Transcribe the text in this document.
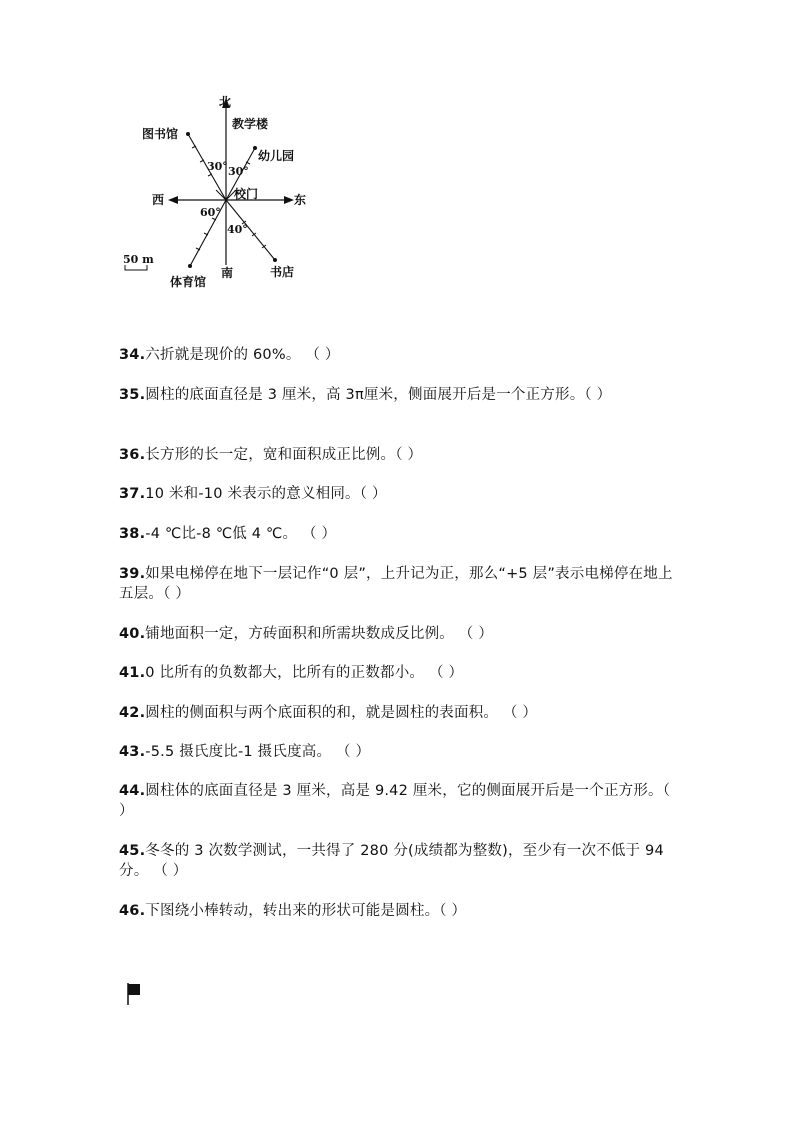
北
教学楼
图书馆
幼儿园
30° 30°
校门
西	东
60°
40°
50 m
南	书店
体育馆
34.六折就是现价的 60%。 （ ）
35.圆柱的底面直径是 3 厘米，高 3π厘米，侧面展开后是一个正方形。（ ）
36.长方形的长一定，宽和面积成正比例。（ ）
37.10 米和-10 米表示的意义相同。（ ）
38.-4 ℃比-8 ℃低 4 ℃。 （ ）
39.如果电梯停在地下一层记作“0 层”，上升记为正，那么“+5 层”表示电梯停在地上五层。（ ）
40.铺地面积一定，方砖面积和所需块数成反比例。 （ ）
41.0 比所有的负数都大，比所有的正数都小。 （ ）
42.圆柱的侧面积与两个底面积的和，就是圆柱的表面积。 （ ）
43.-5.5 摄氏度比-1 摄氏度高。 （ ）
44.圆柱体的底面直径是 3 厘米，高是 9.42 厘米，它的侧面展开后是一个正方形。（ ）
45.冬冬的 3 次数学测试，一共得了 280 分(成绩都为整数)，至少有一次不低于 94 分。 （ ）
46.下图绕小棒转动，转出来的形状可能是圆柱。（ ）
